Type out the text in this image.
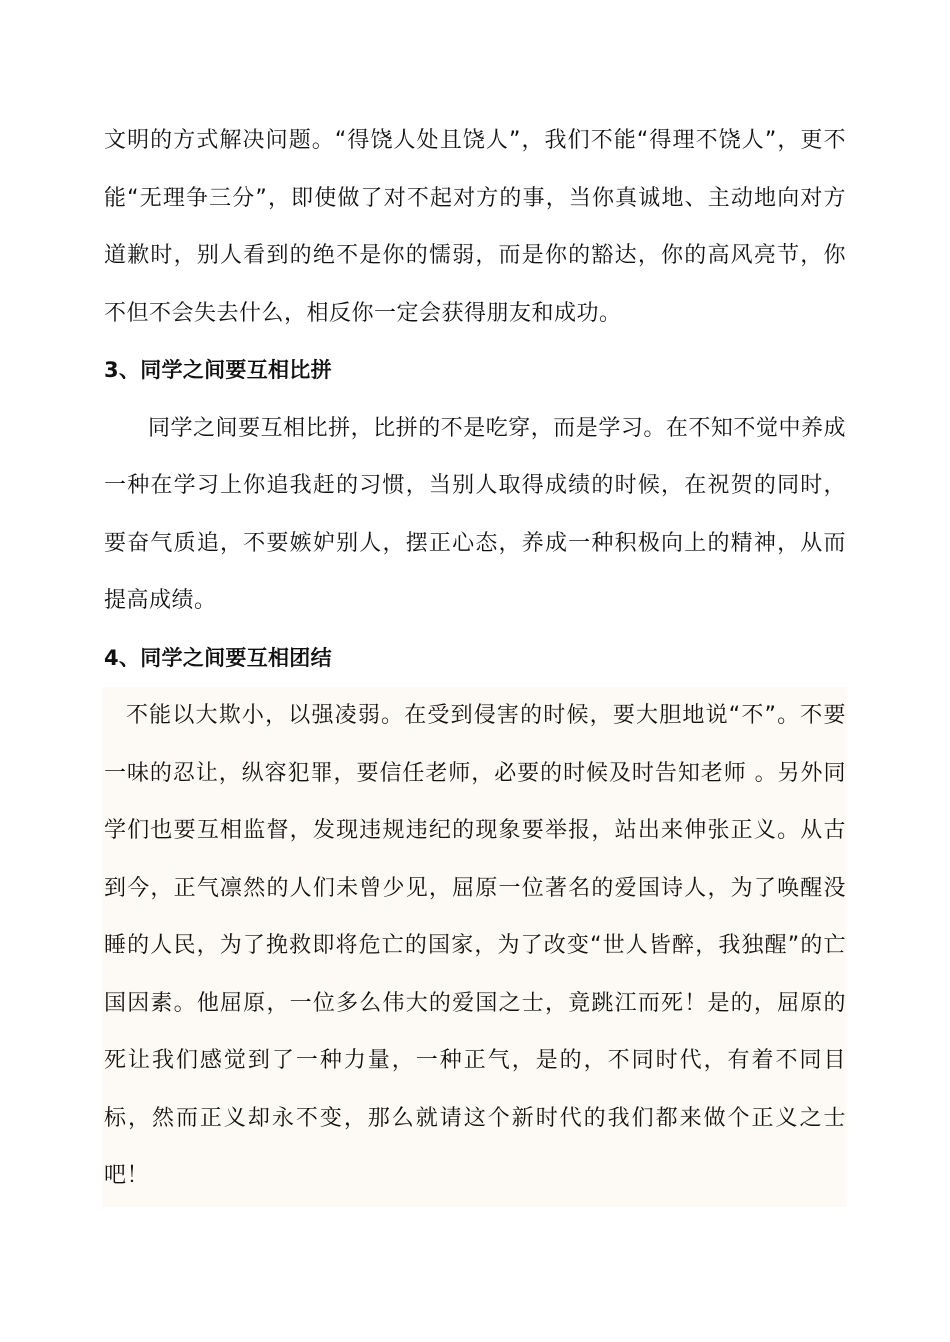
文明的方式解决问题。“得饶人处且饶人”，我们不能“得理不饶人”，更不能“无理争三分”，即使做了对不起对方的事，当你真诚地、主动地向对方道歉时，别人看到的绝不是你的懦弱，而是你的豁达，你的高风亮节，你不但不会失去什么，相反你一定会获得朋友和成功。

3、同学之间要互相比拼

同学之间要互相比拼，比拼的不是吃穿，而是学习。在不知不觉中养成一种在学习上你追我赶的习惯，当别人取得成绩的时候，在祝贺的同时，要奋气质追，不要嫉妒别人，摆正心态，养成一种积极向上的精神，从而提高成绩。

4、同学之间要互相团结

不能以大欺小，以强凌弱。在受到侵害的时候，要大胆地说“不”。不要一味的忍让，纵容犯罪，要信任老师，必要的时候及时告知老师 。另外同学们也要互相监督，发现违规违纪的现象要举报，站出来伸张正义。从古到今，正气凛然的人们未曾少见，屈原一位著名的爱国诗人，为了唤醒没睡的人民，为了挽救即将危亡的国家，为了改变“世人皆醉，我独醒”的亡国因素。他屈原，一位多么伟大的爱国之士，竟跳江而死！是的，屈原的死让我们感觉到了一种力量，一种正气，是的，不同时代，有着不同目标，然而正义却永不变，那么就请这个新时代的我们都来做个正义之士吧！
